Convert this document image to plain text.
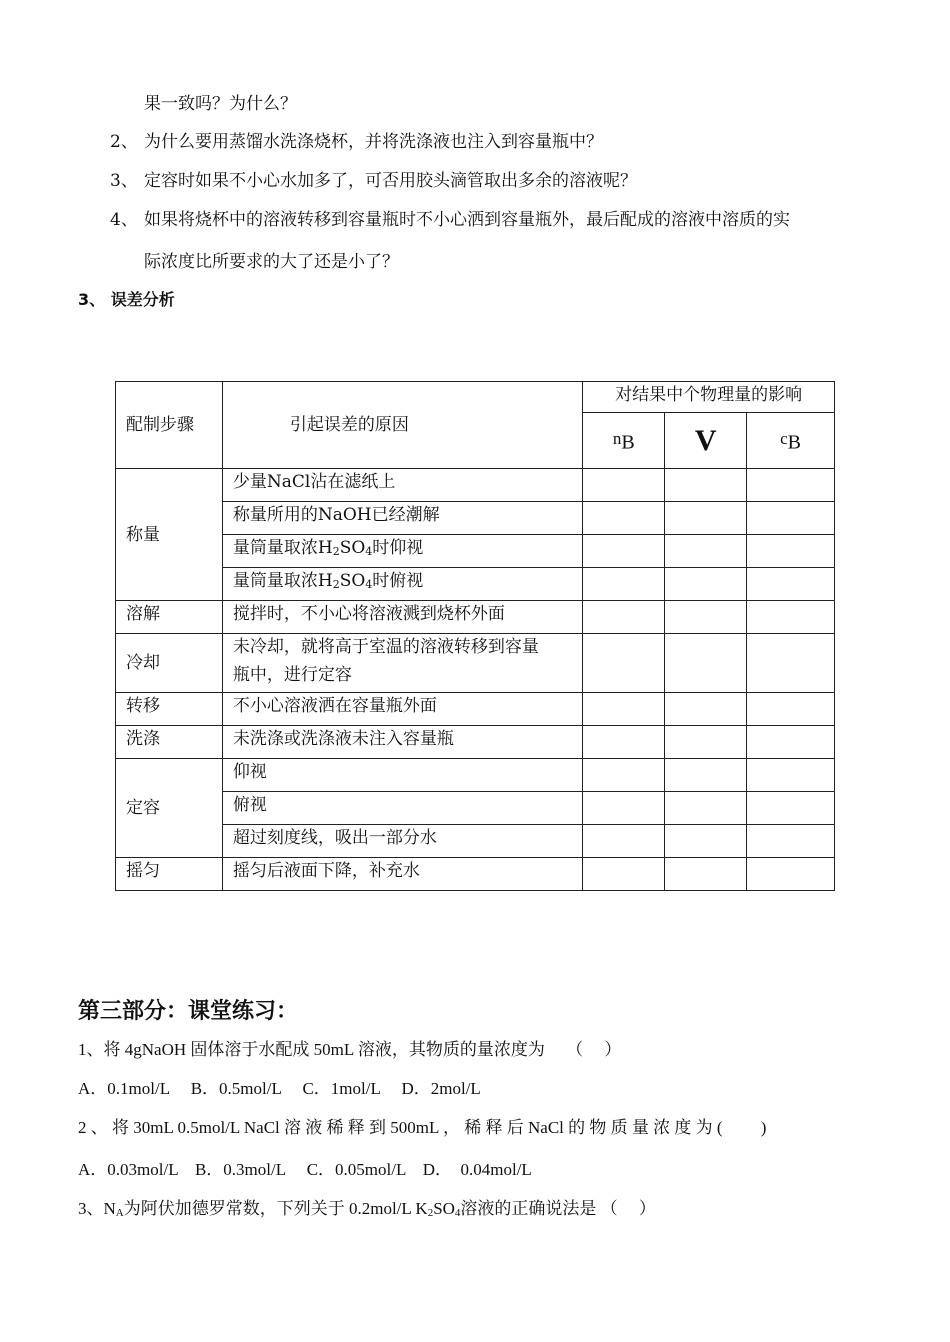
果一致吗？为什么？
2、 为什么要用蒸馏水洗涤烧杯，并将洗涤液也注入到容量瓶中？
3、 定容时如果不小心水加多了，可否用胶头滴管取出多余的溶液呢？
4、 如果将烧杯中的溶液转移到容量瓶时不小心洒到容量瓶外，最后配成的溶液中溶质的实
际浓度比所要求的大了还是小了？
3、 误差分析
配制步骤	引起误差的原因	对结果中个物理量的影响		
		$n_B$	V	$c_B$
称量	少量NaCl沾在滤纸上			
	称量所用的NaOH已经潮解			
	量筒量取浓$H_2SO_4$时仰视			
	量筒量取浓$H_2SO_4$时俯视			
溶解	搅拌时，不小心将溶液溅到烧杯外面			
冷却	未冷却，就将高于室温的溶液转移到容量
瓶中，进行定容			

转移	不小心溶液洒在容量瓶外面			
洗涤	未洗涤或洗涤液未注入容量瓶			
定容	仰视			
	俯视			
	超过刻度线，吸出一部分水			
摇匀	摇匀后液面下降，补充水			
第三部分：课堂练习：
1、将 4gNaOH 固体溶于水配成 50mL 溶液，其物质的量浓度为　 （　 ）
A．0.1mol/L　 B．0.5mol/L　 C．1mol/L　 D．2mol/L
2 、 将 30mL 0.5mol/L NaCl 溶 液 稀 释 到 500mL ， 稀 释 后 NaCl 的 物 质 量 浓 度 为 (　 　)
A．0.03mol/L　B．0.3mol/L　 C．0.05mol/L　D．　0.04mol/L
3、$N_A$为阿伏加德罗常数，下列关于 0.2mol/L $K_2SO_4$溶液的正确说法是 （　 ）
